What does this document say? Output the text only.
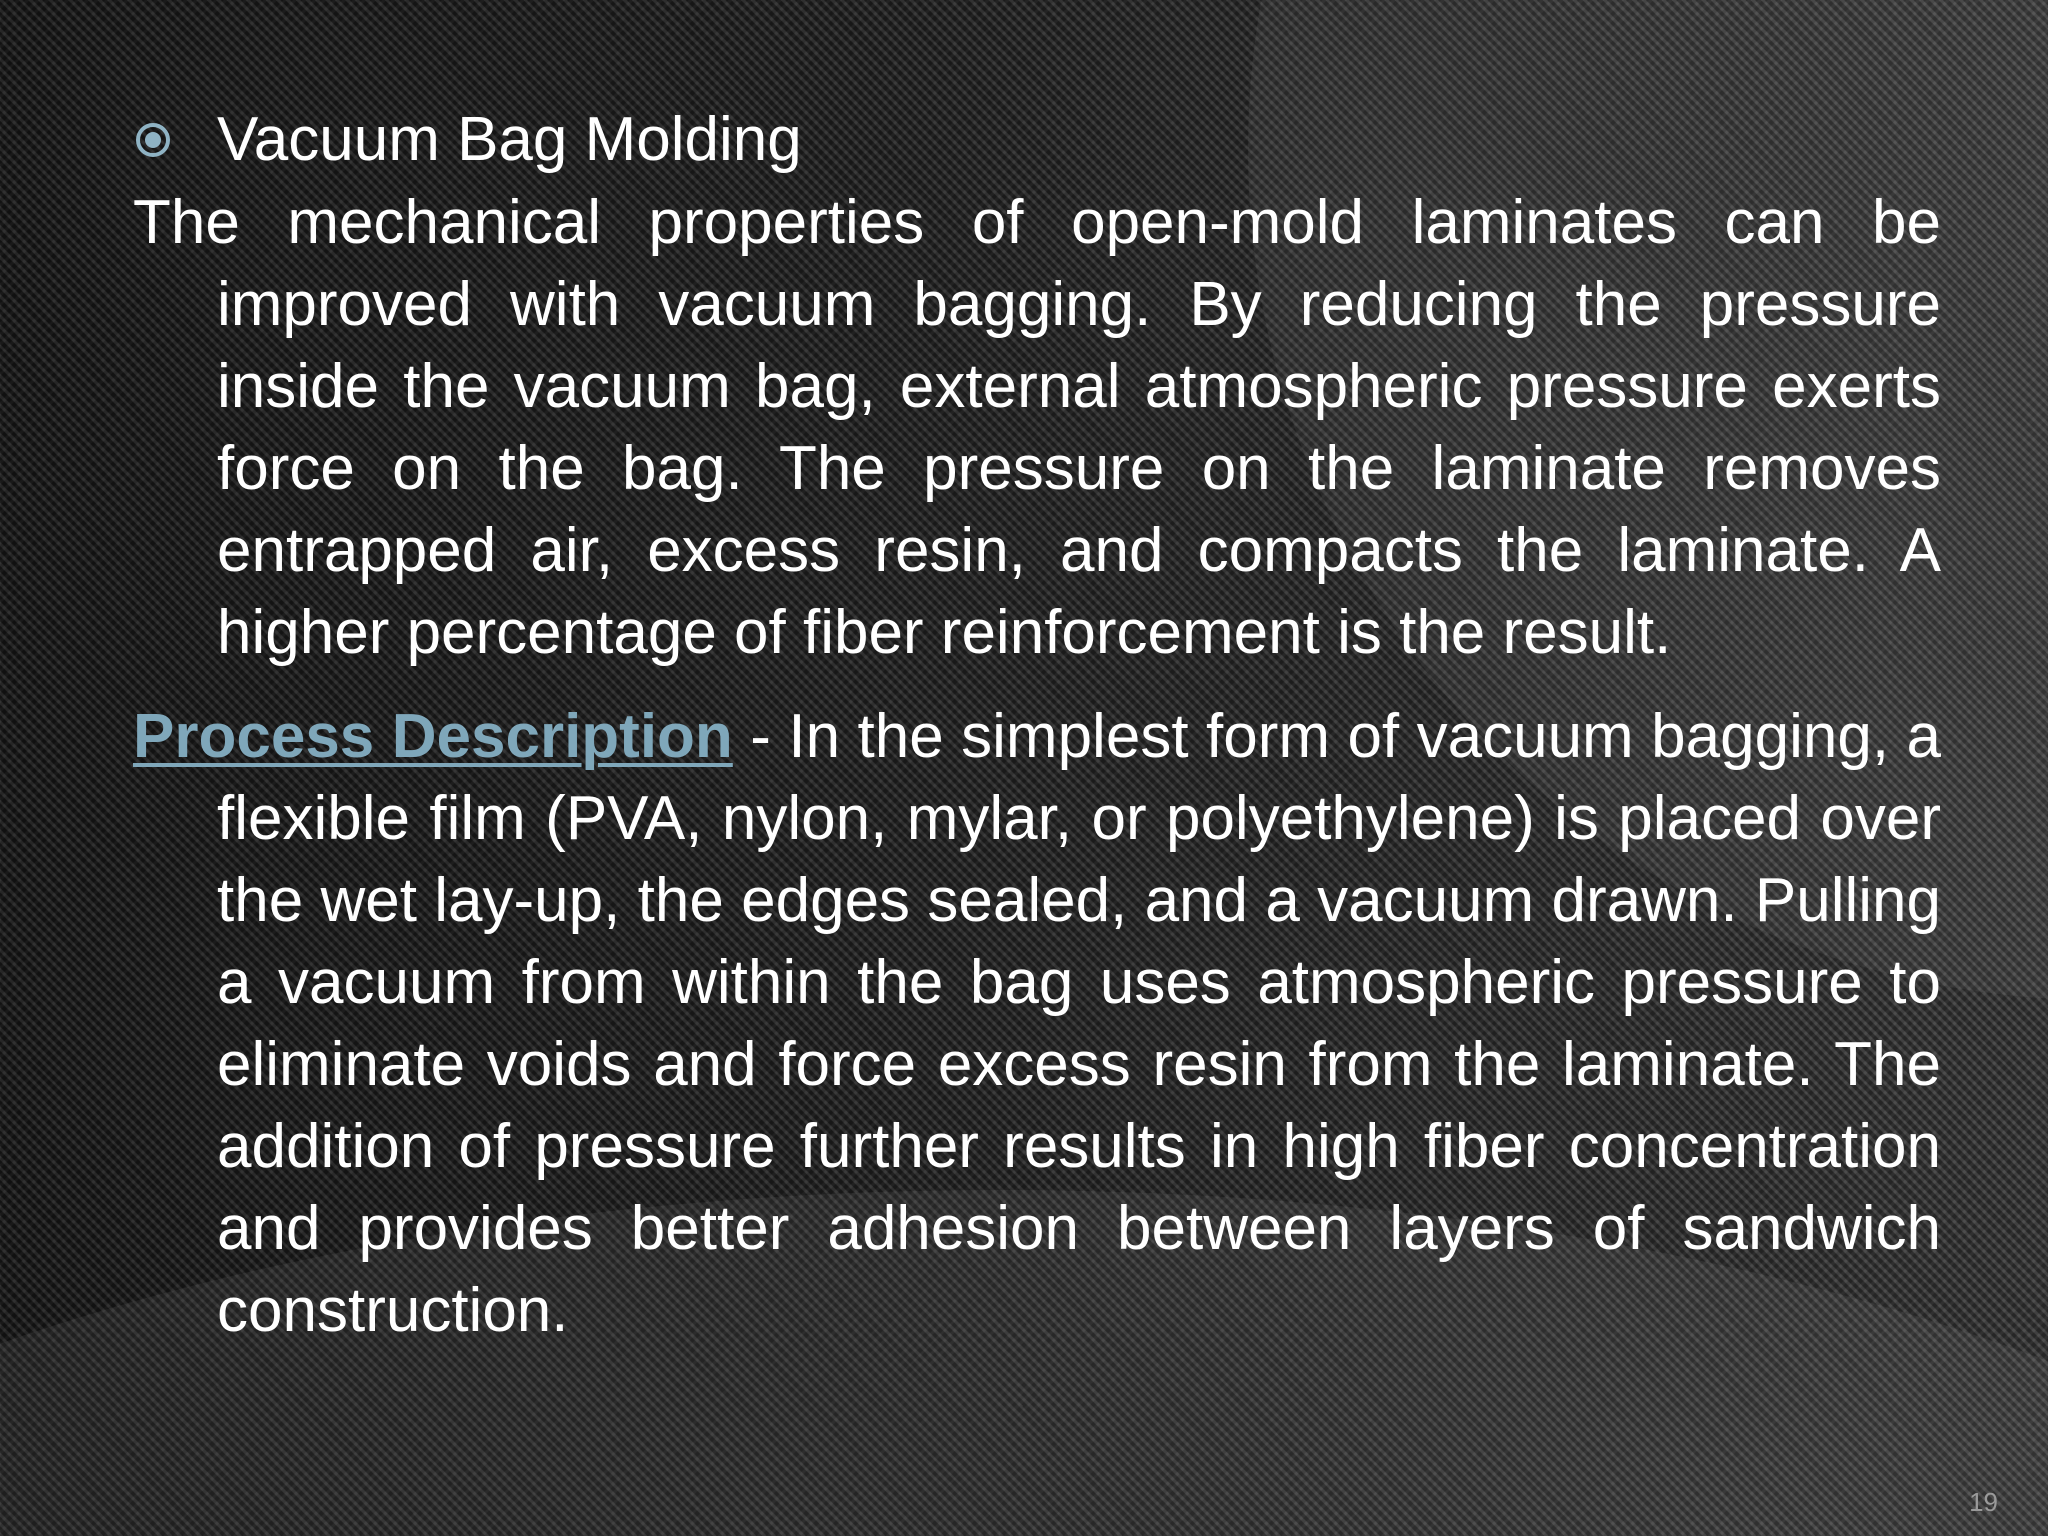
Vacuum Bag Molding

The mechanical properties of open-mold laminates can be improved with vacuum bagging. By reducing the pressure inside the vacuum bag, external atmospheric pressure exerts force on the bag. The pressure on the laminate removes entrapped air, excess resin, and compacts the laminate. A higher percentage of fiber reinforcement is the result.

Process Description - In the simplest form of vacuum bagging, a flexible film (PVA, nylon, mylar, or polyethylene) is placed over the wet lay-up, the edges sealed, and a vacuum drawn. Pulling a vacuum from within the bag uses atmospheric pressure to eliminate voids and force excess resin from the laminate. The addition of pressure further results in high fiber concentration and provides better adhesion between layers of sandwich construction.

19
